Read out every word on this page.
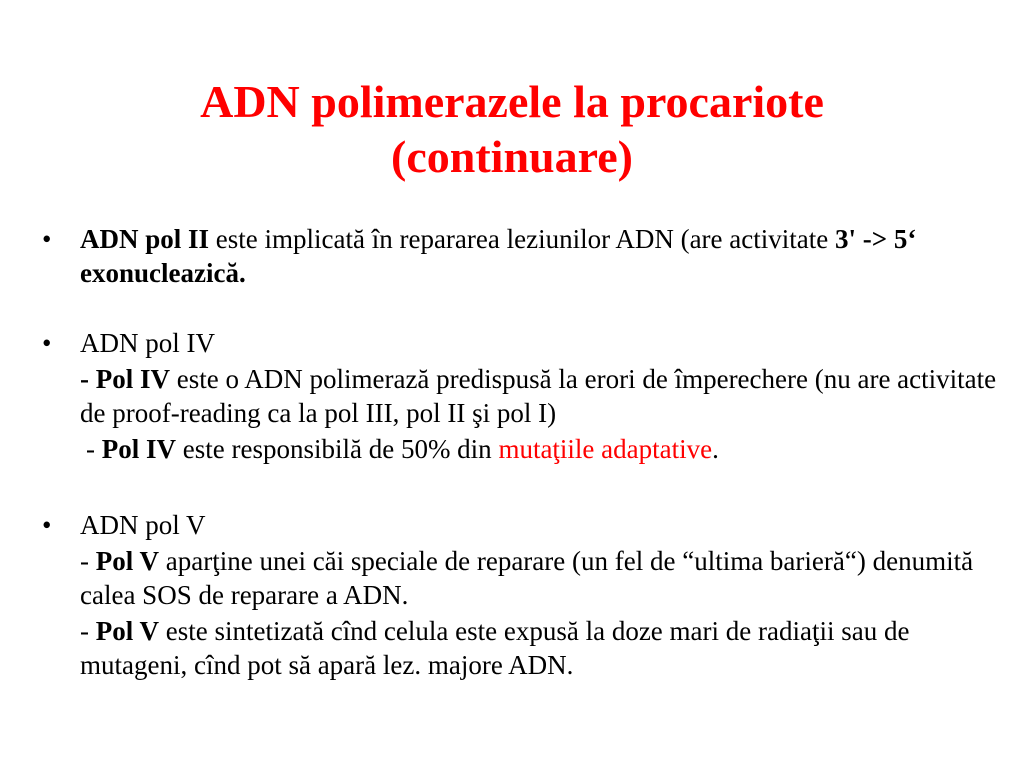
ADN polimerazele la procariote
(continuare)
• ADN pol II este implicată în repararea leziunilor ADN (are activitate 3' -> 5‘ exonucleazică.
• ADN pol IV
- Pol IV este o ADN polimerază predispusă la erori de împerechere (nu are activitate de proof-reading ca la pol III, pol II şi pol I)
- Pol IV este responsibilă de 50% din mutaţiile adaptative.
• ADN pol V
- Pol V aparţine unei căi speciale de reparare (un fel de “ultima barieră“) denumită calea SOS de reparare a ADN.
- Pol V este sintetizată cînd celula este expusă la doze mari de radiaţii sau de mutageni, cînd pot să apară lez. majore ADN.
